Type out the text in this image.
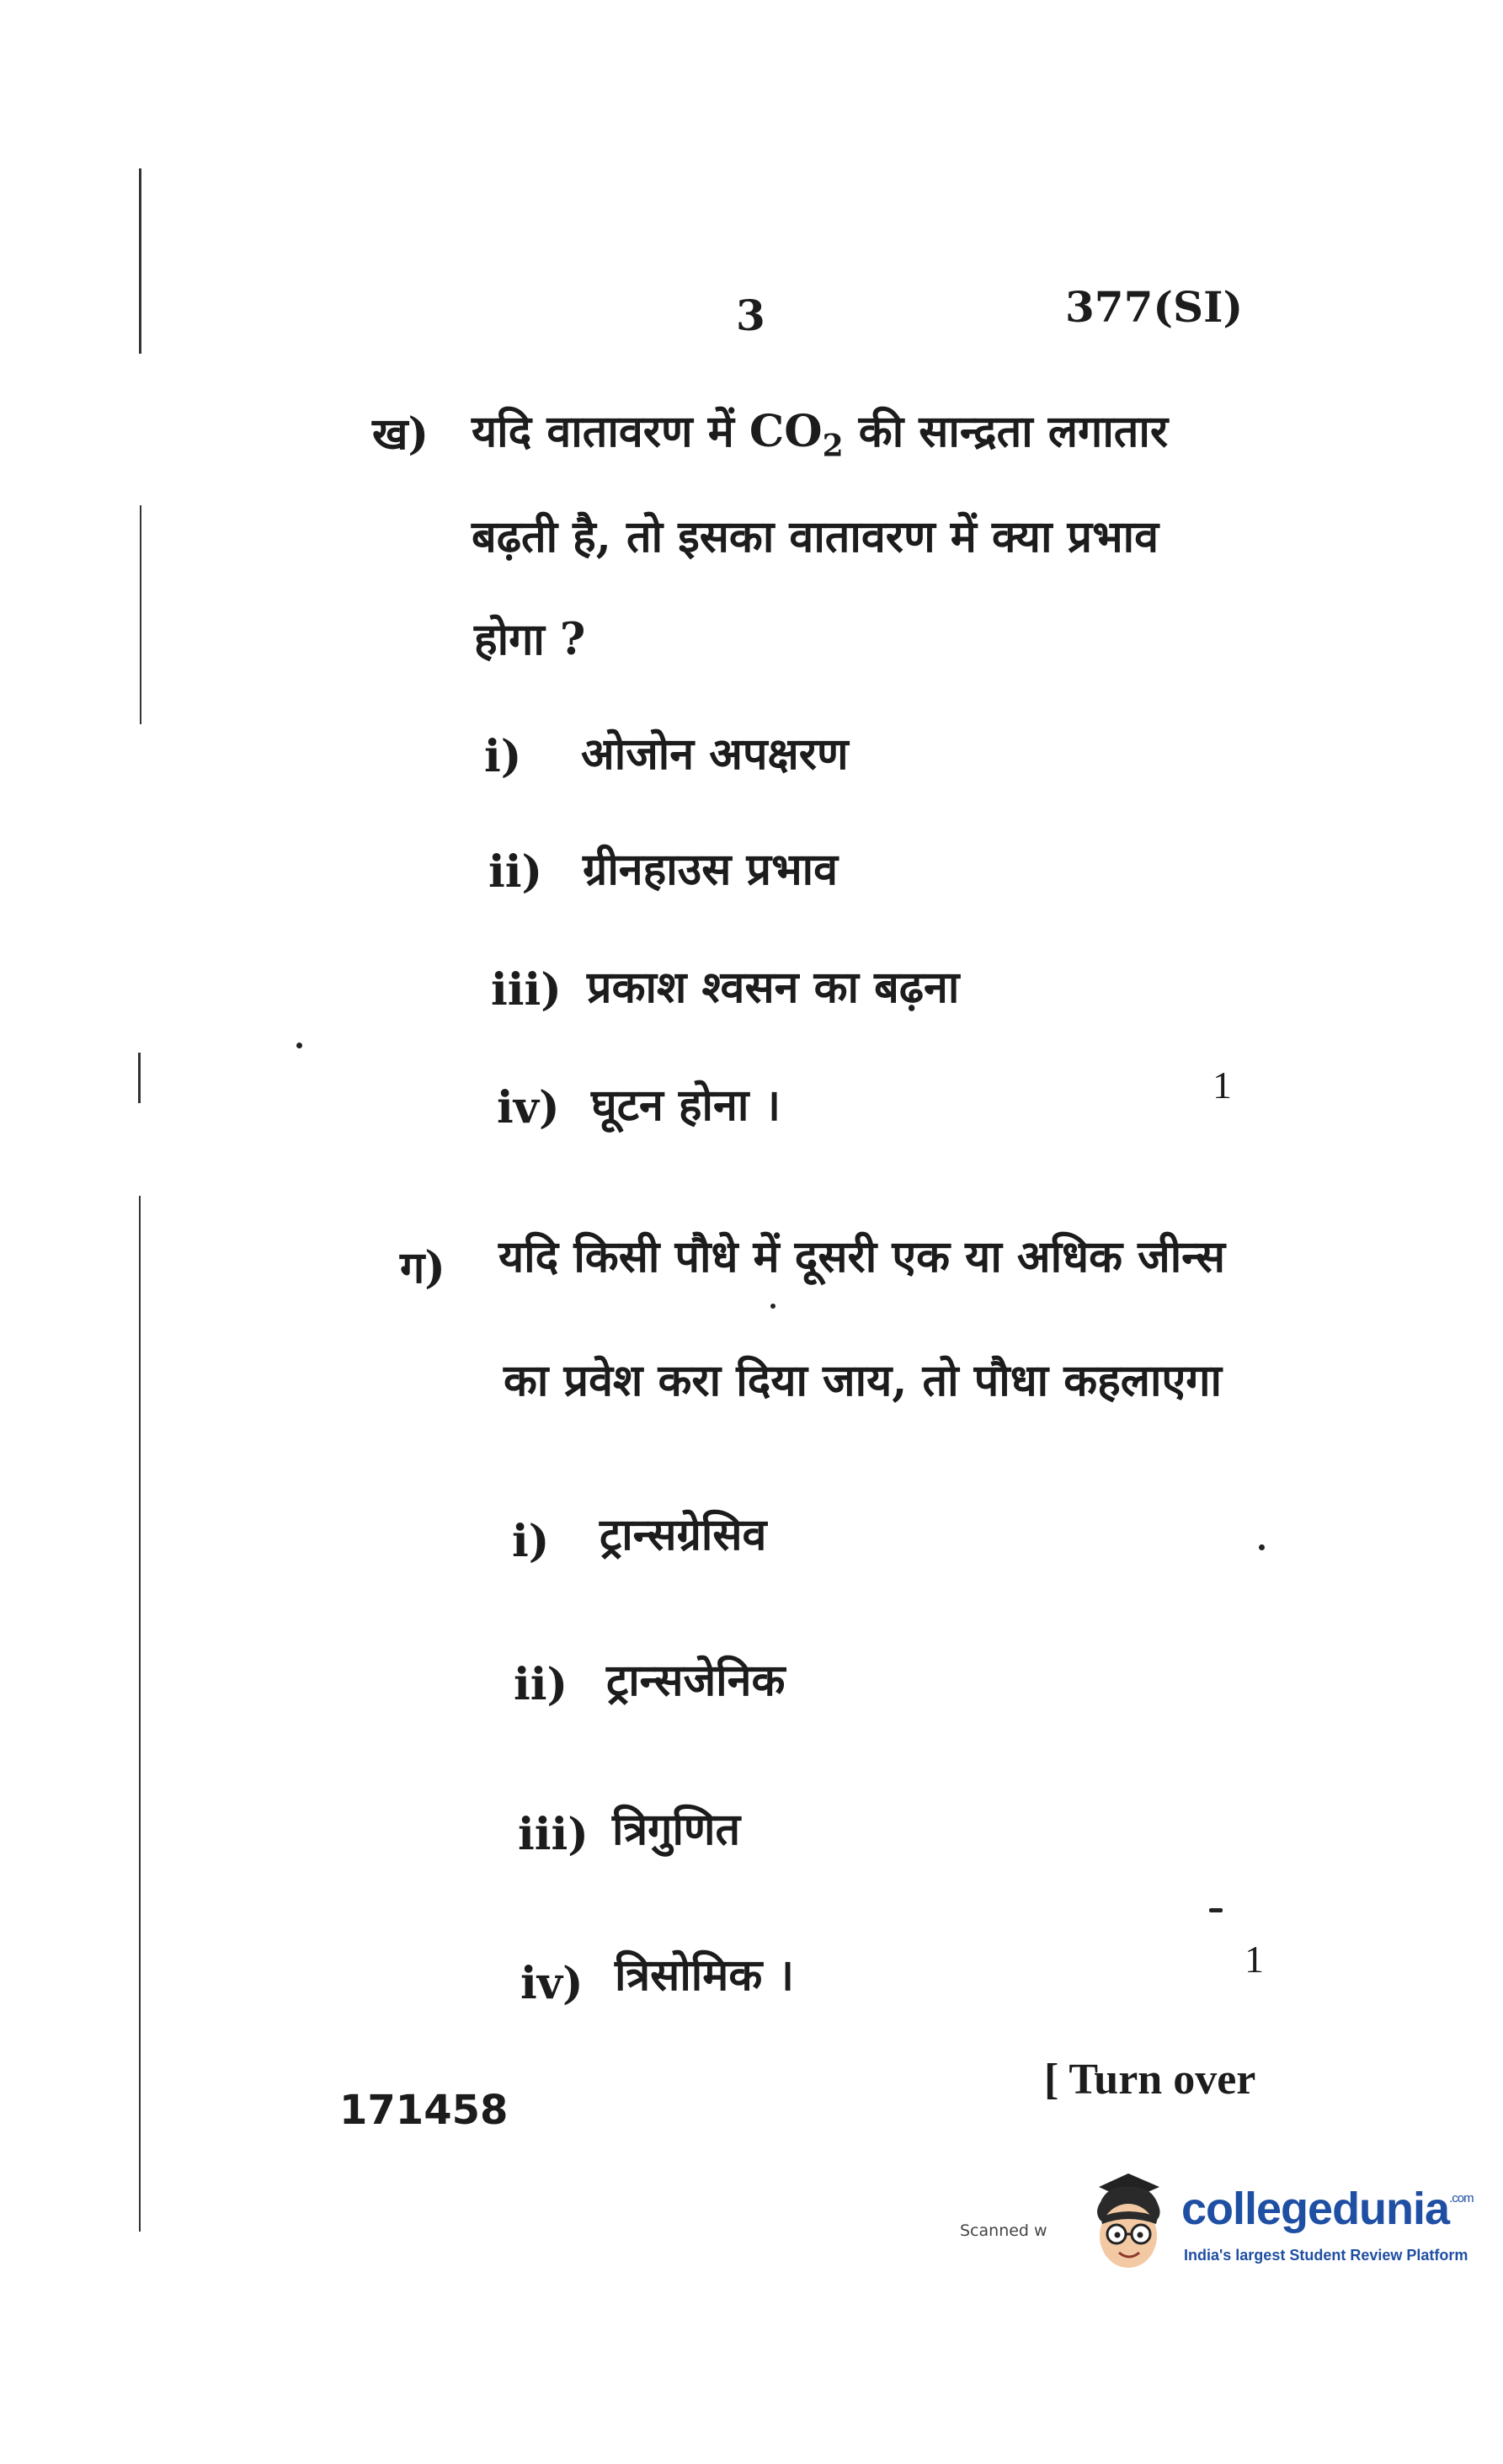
3	377(SI)
ख) यदि वातावरण में $CO_2$ की सान्द्रता लगातार
बढ़ती है, तो इसका वातावरण में क्या प्रभाव
होगा ?
i) ओजोन अपक्षरण
ii) ग्रीनहाउस प्रभाव
iii) प्रकाश श्वसन का बढ़ना
iv) घूटन होना ।	1
ग) यदि किसी पौधे में दूसरी एक या अधिक जीन्स
का प्रवेश करा दिया जाय, तो पौधा कहलाएगा
i) ट्रान्सग्रेसिव
ii) ट्रान्सजेनिक
iii) त्रिगुणित
iv) त्रिसोमिक ।	1
[ Turn over
171458
Scanned w	collegedunia$^{.com}$
India's largest Student Review Platform
